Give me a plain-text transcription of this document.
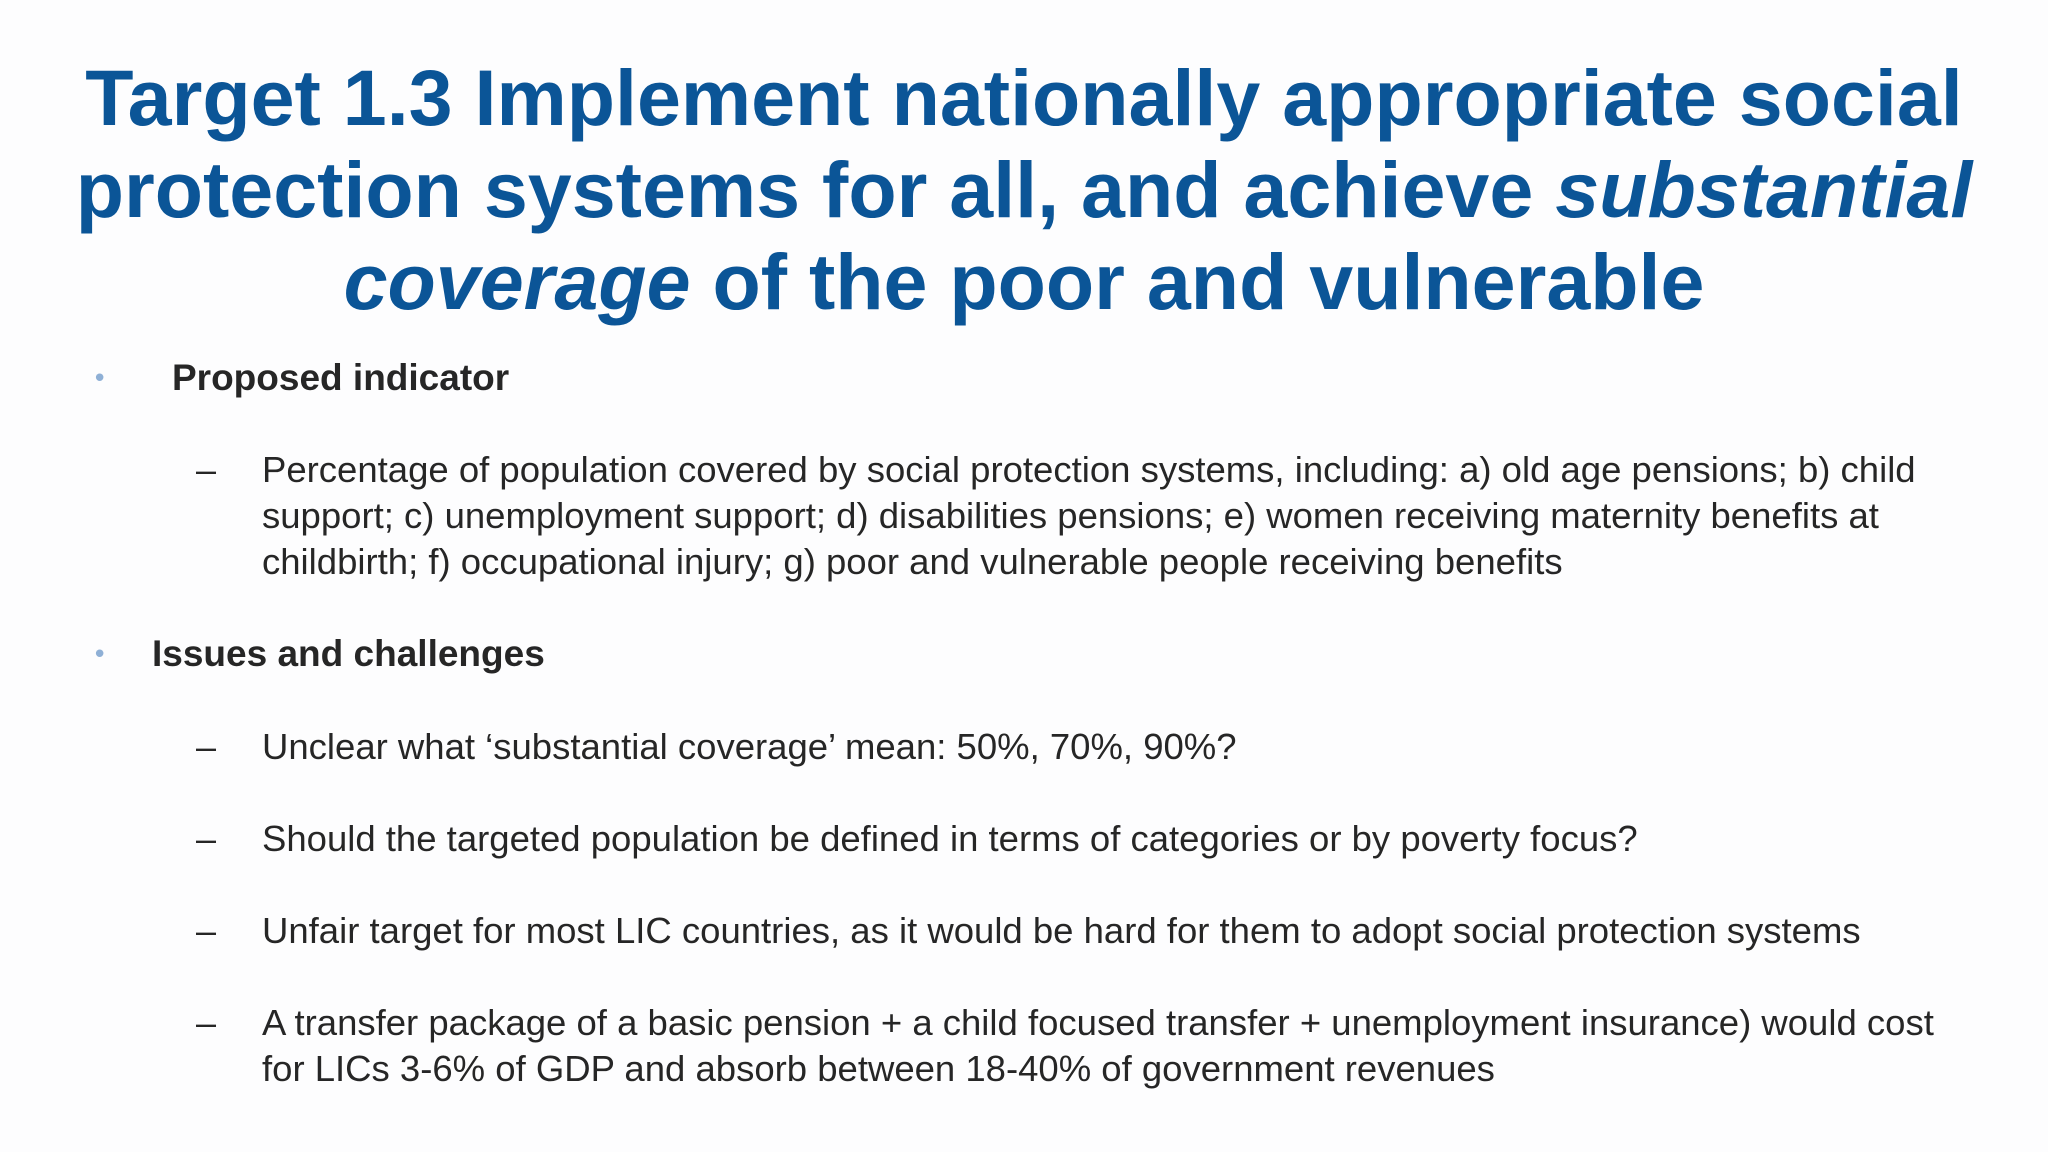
Target 1.3 Implement nationally appropriate social protection systems for all, and achieve substantial coverage of the poor and vulnerable
• Proposed indicator
– Percentage of population covered by social protection systems, including: a) old age pensions; b) child support; c) unemployment support; d) disabilities pensions; e) women receiving maternity benefits at childbirth; f) occupational injury; g) poor and vulnerable people receiving benefits
• Issues and challenges
– Unclear what ‘substantial coverage’ mean: 50%, 70%, 90%?
– Should the targeted population be defined in terms of categories or by poverty focus?
– Unfair target for most LIC countries, as it would be hard for them to adopt social protection systems
– A transfer package of a basic pension + a child focused transfer + unemployment insurance) would cost for LICs 3-6% of GDP and absorb between 18-40% of government revenues
